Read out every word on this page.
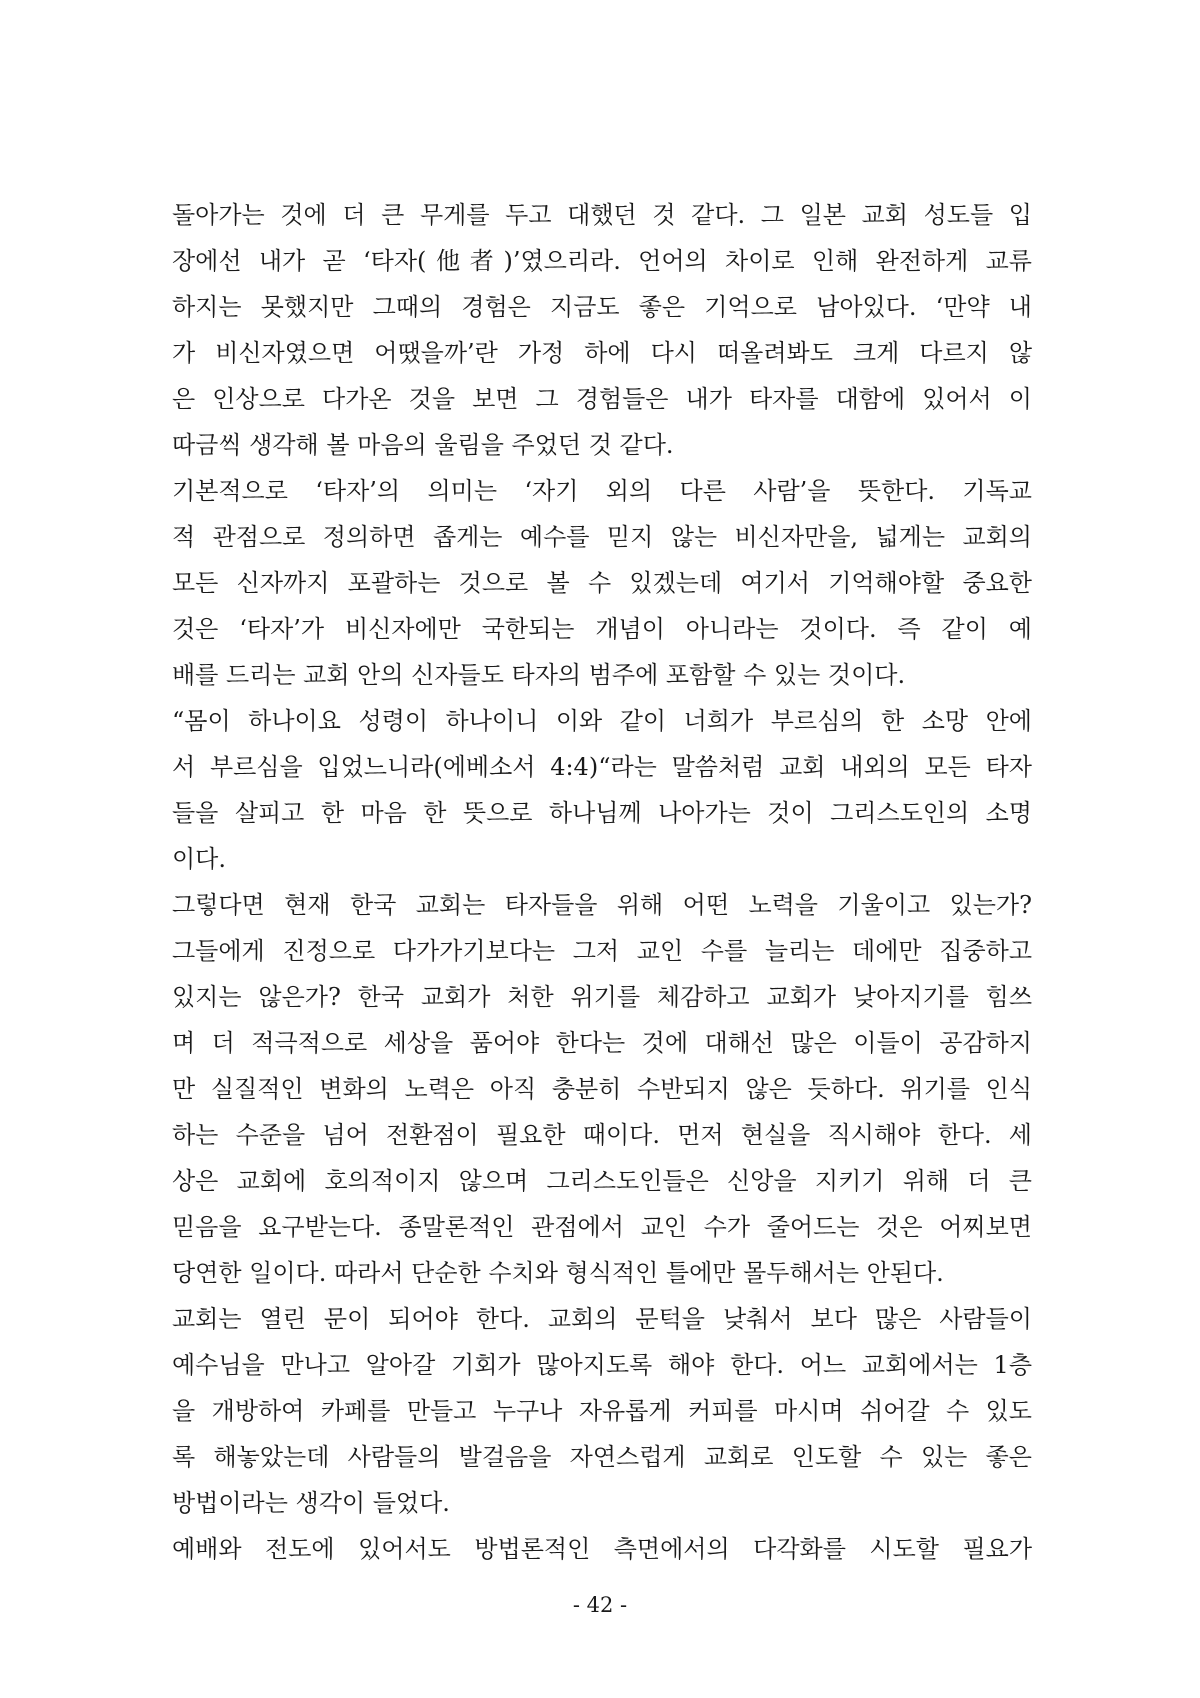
돌아가는 것에 더 큰 무게를 두고 대했던 것 같다. 그 일본 교회 성도들 입
장에선 내가 곧 ‘타자(他者)’였으리라. 언어의 차이로 인해 완전하게 교류
하지는 못했지만 그때의 경험은 지금도 좋은 기억으로 남아있다. ‘만약 내
가 비신자였으면 어땠을까’란 가정 하에 다시 떠올려봐도 크게 다르지 않
은 인상으로 다가온 것을 보면 그 경험들은 내가 타자를 대함에 있어서 이
따금씩 생각해 볼 마음의 울림을 주었던 것 같다.
기본적으로 ‘타자’의 의미는 ‘자기 외의 다른 사람’을 뜻한다. 기독교
적 관점으로 정의하면 좁게는 예수를 믿지 않는 비신자만을, 넓게는 교회의
모든 신자까지 포괄하는 것으로 볼 수 있겠는데 여기서 기억해야할 중요한
것은 ‘타자’가 비신자에만 국한되는 개념이 아니라는 것이다. 즉 같이 예
배를 드리는 교회 안의 신자들도 타자의 범주에 포함할 수 있는 것이다.
“몸이 하나이요 성령이 하나이니 이와 같이 너희가 부르심의 한 소망 안에
서 부르심을 입었느니라(에베소서 4:4)“라는 말씀처럼 교회 내외의 모든 타자
들을 살피고 한 마음 한 뜻으로 하나님께 나아가는 것이 그리스도인의 소명
이다.
그렇다면 현재 한국 교회는 타자들을 위해 어떤 노력을 기울이고 있는가?
그들에게 진정으로 다가가기보다는 그저 교인 수를 늘리는 데에만 집중하고
있지는 않은가? 한국 교회가 처한 위기를 체감하고 교회가 낮아지기를 힘쓰
며 더 적극적으로 세상을 품어야 한다는 것에 대해선 많은 이들이 공감하지
만 실질적인 변화의 노력은 아직 충분히 수반되지 않은 듯하다. 위기를 인식
하는 수준을 넘어 전환점이 필요한 때이다. 먼저 현실을 직시해야 한다. 세
상은 교회에 호의적이지 않으며 그리스도인들은 신앙을 지키기 위해 더 큰
믿음을 요구받는다. 종말론적인 관점에서 교인 수가 줄어드는 것은 어찌보면
당연한 일이다. 따라서 단순한 수치와 형식적인 틀에만 몰두해서는 안된다.
교회는 열린 문이 되어야 한다. 교회의 문턱을 낮춰서 보다 많은 사람들이
예수님을 만나고 알아갈 기회가 많아지도록 해야 한다. 어느 교회에서는 1층
을 개방하여 카페를 만들고 누구나 자유롭게 커피를 마시며 쉬어갈 수 있도
록 해놓았는데 사람들의 발걸음을 자연스럽게 교회로 인도할 수 있는 좋은
방법이라는 생각이 들었다.
예배와 전도에 있어서도 방법론적인 측면에서의 다각화를 시도할 필요가
- 42 -
